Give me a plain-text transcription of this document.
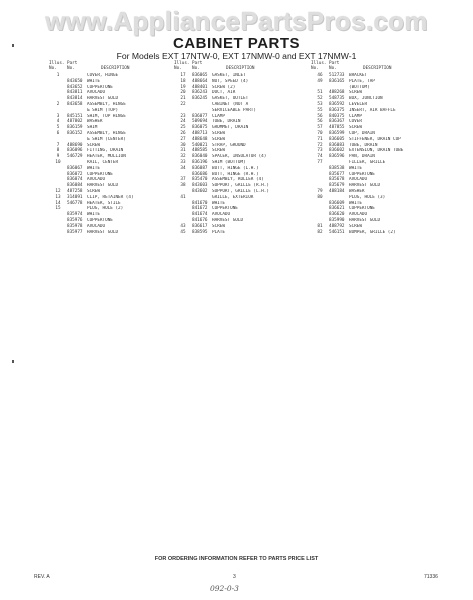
www.AppliancePartsPros.com
CABINET PARTS
For Models EXT 17NTW-0, EXT 17NMW-0 and EXT 17NMW-1
Illus.
No.
Part
No.
	DESCRIPTION
1	COVER, HINGE
843650	WHITE
843652	COPPERTONE
843811	AVOCADO
843814	HARVEST GOLD
2	843658	ASSEMBLY, HINGE
& SHIM (TOP)
3	845151	SHIM, TOP HINGE
4	487802	WASHER
5	836159	SHIM
6	836152	ASSEMBLY, HINGE
& SHIM (CENTER)
7	488690	SCREW
8	836096	FITTING, DRAIN
9	546729	HEATER, MULLION
10	RAIL, CENTER
836067	WHITE
836072	COPPERTONE
836074	AVOCADO
836084	HARVEST GOLD
12	487258	SCREW
13	314091	CLIP, RETAINER (4)
14	546778	HEATER, STILE
15	PLUG, HOLE (2)
835974	WHITE
835976	COPPERTONE
835978	AVOCADO
835977	HARVEST GOLD
Illus.
No.
Part
No.
	DESCRIPTION
17	836065	GASKET, INLET
18	488664	NUT, SPEED (4)
19	488401	SCREW (2)
20	836243	DUCT, AIR
21	836245	GASKET, OUTLET
22	CABINET (NOT A
SERVICEABLE PART)
23	836077	CLAMP
24	509694	TUBE, DRAIN
25	836075	GROMMET, DRAIN
26	488713	SCREW
27	488648	SCREW
30	540021	STRAP, GROUND
31	488585	SCREW
32	836040	SPACER, INSULATOR (4)
33	836196	SHIM (BOTTOM)
34	836087	BUTT, HINGE (L.H.)
836686	BUTT, HINGE (R.H.)
37	835470	ASSEMBLY, ROLLER (4)
38	843603	SUPPORT, GRILLE (R.H.)
843602	SUPPORT, GRILLE (L.H.)
41	GRILLE, EXTERIOR
841670	WHITE
841672	COPPERTONE
841674	AVOCADO
841676	HARVEST GOLD
43	836617	SCREW
45	838595	PLATE
Illus.
No.
Part
No.
	DESCRIPTION
46	512733	BRACKET
49	836165	PLATE, TAP
(BOTTOM)
51	488268	SCREW
52	548735	BOX, JUNCTION
53	836592	LEVELER
55	836375	INSERT, AIR BAFFLE
56	840375	CLAMP
56	836367	COVER
57	487855	SCREW
70	836599	CUP, DRAIN
71	836605	STIFFENER, DRAIN CUP
72	836083	TUBE, DRAIN
73	836602	EXTENSION, DRAIN TUBE
74	836596	PAN, DRAIN
77	FILLER, GRILLE
838538	WHITE
835677	COPPERTONE
835678	AVOCADO
835679	HARVEST GOLD
79	488184	WASHER
80	PLUG, HOLE (3)
836609	WHITE
836621	COPPERTONE
836620	AVOCADO
835990	HARVEST GOLD
81	488792	SCREW
82	546151	BUMPER, GRILLE (2)
FOR ORDERING INFORMATION REFER TO PARTS PRICE LIST
REV. A	3	71336
092-0-3
